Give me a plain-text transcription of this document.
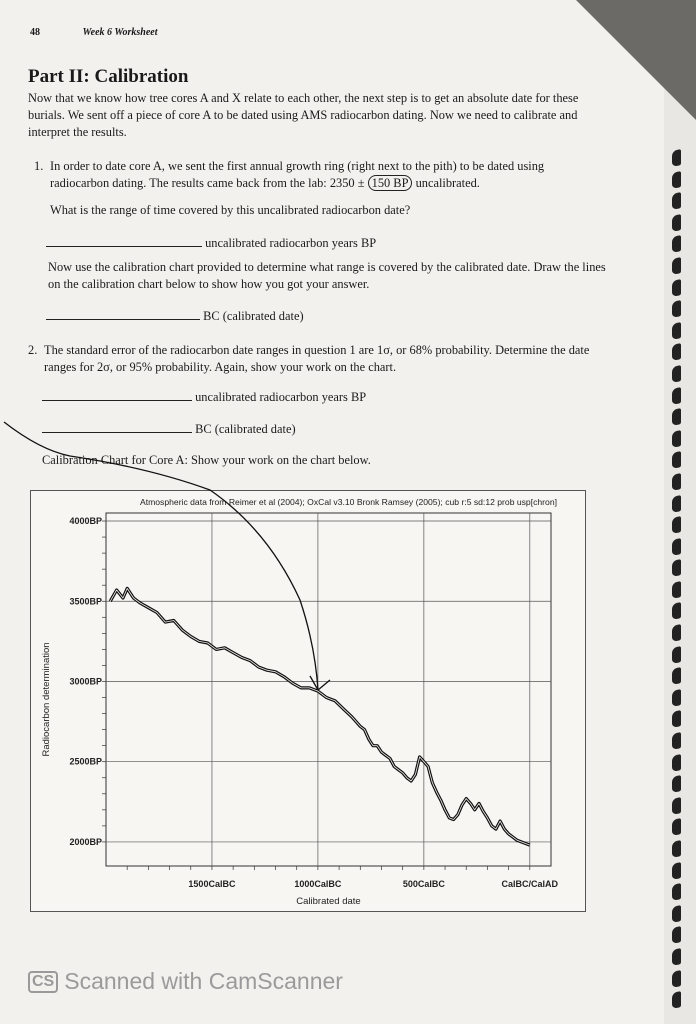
48	Week 6 Worksheet
Part II: Calibration
Now that we know how tree cores A and X relate to each other, the next step is to get an absolute date for these burials. We sent off a piece of core A to be dated using AMS radiocarbon dating. Now we need to calibrate and interpret the results.
1. In order to date core A, we sent the first annual growth ring (right next to the pith) to be dated using radiocarbon dating. The results came back from the lab: 2350 ± 150 BP uncalibrated.
What is the range of time covered by this uncalibrated radiocarbon date?
uncalibrated radiocarbon years BP
Now use the calibration chart provided to determine what range is covered by the calibrated date. Draw the lines on the calibration chart below to show how you got your answer.
BC (calibrated date)
2. The standard error of the radiocarbon date ranges in question 1 are 1σ, or 68% probability. Determine the date ranges for 2σ, or 95% probability. Again, show your work on the chart.
uncalibrated radiocarbon years BP
BC (calibrated date)
Calibration Chart for Core A: Show your work on the chart below.
4000BP
3500BP
3000BP
2500BP
2000BP
1500CalBC	1000CalBC	500CalBC	CalBC/CalAD
Atmospheric data from Reimer et al (2004); OxCal v3.10 Bronk Ramsey (2005); cub r:5 sd:12 prob usp[chron]
Calibrated date
Radiocarbon determination
CS Scanned with CamScanner
